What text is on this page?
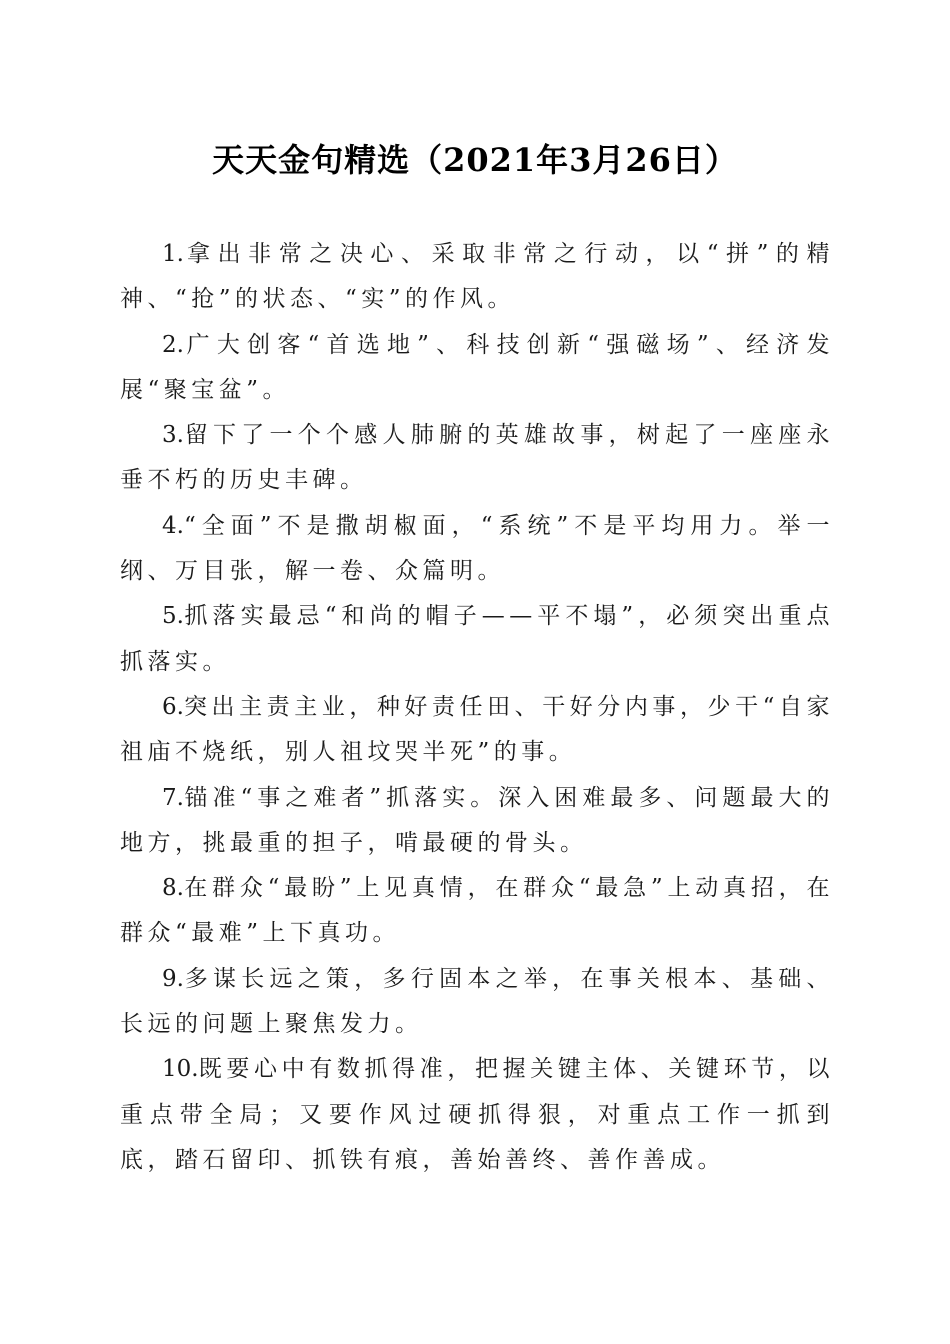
天天金句精选（2021年3月26日）

1.拿出非常之决心、采取非常之行动，以“拼”的精神、“抢”的状态、“实”的作风。

2.广大创客“首选地”、科技创新“强磁场”、经济发展“聚宝盆”。

3.留下了一个个感人肺腑的英雄故事，树起了一座座永垂不朽的历史丰碑。

4.“全面”不是撒胡椒面，“系统”不是平均用力。举一纲、万目张，解一卷、众篇明。

5.抓落实最忌“和尚的帽子——平不塌”，必须突出重点抓落实。

6.突出主责主业，种好责任田、干好分内事，少干“自家祖庙不烧纸，别人祖坟哭半死”的事。

7.锚准“事之难者”抓落实。深入困难最多、问题最大的地方，挑最重的担子，啃最硬的骨头。

8.在群众“最盼”上见真情，在群众“最急”上动真招，在群众“最难”上下真功。

9.多谋长远之策，多行固本之举，在事关根本、基础、长远的问题上聚焦发力。

10.既要心中有数抓得准，把握关键主体、关键环节，以重点带全局；又要作风过硬抓得狠，对重点工作一抓到底，踏石留印、抓铁有痕，善始善终、善作善成。
